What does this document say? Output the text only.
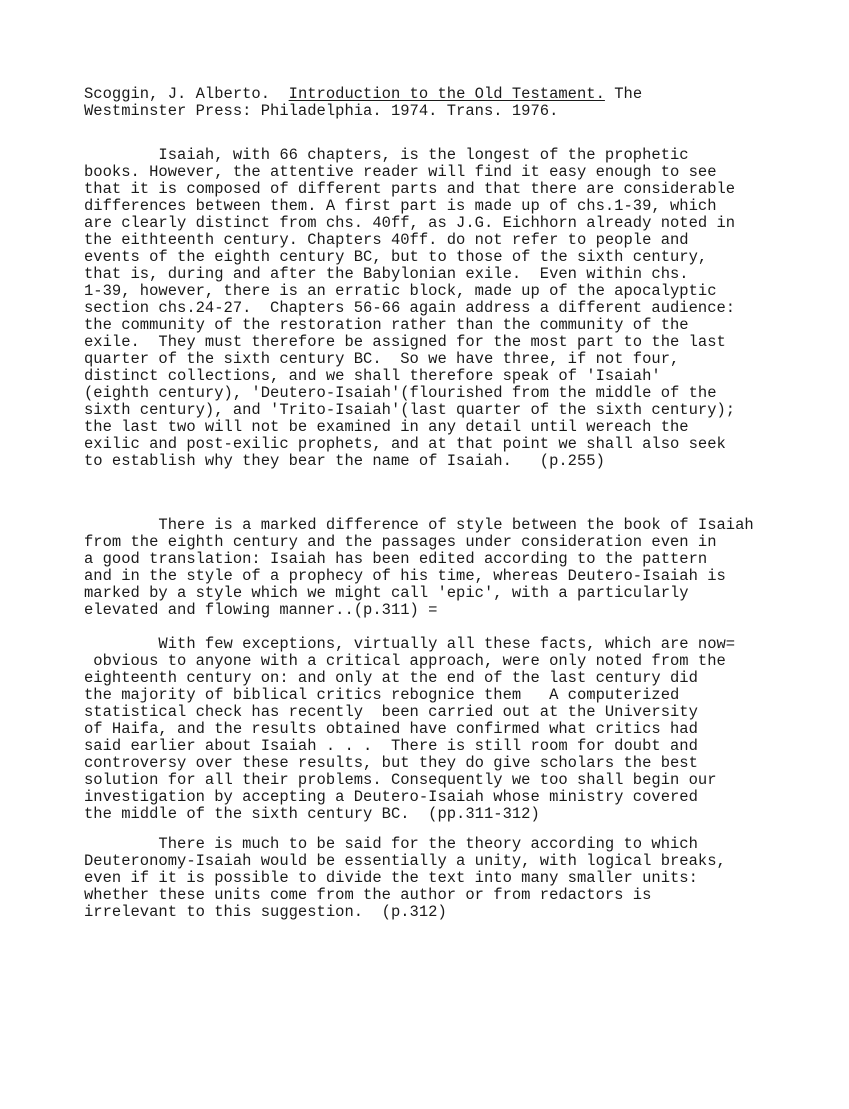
Scoggin, J. Alberto. Introduction to the Old Testament. The
Westminster Press: Philadelphia. 1974. Trans. 1976.
Isaiah, with 66 chapters, is the longest of the prophetic
books. However, the attentive reader will find it easy enough to see
that it is composed of different parts and that there are considerable
differences between them. A first part is made up of chs.1-39, which
are clearly distinct from chs. 40ff, as J.G. Eichhorn already noted in
the eithteenth century. Chapters 40ff. do not refer to people and
events of the eighth century BC, but to those of the sixth century,
that is, during and after the Babylonian exile.  Even within chs.
1-39, however, there is an erratic block, made up of the apocalyptic
section chs.24-27.  Chapters 56-66 again address a different audience:
the community of the restoration rather than the community of the
exile.  They must therefore be assigned for the most part to the last
quarter of the sixth century BC.  So we have three, if not four,
distinct collections, and we shall therefore speak of 'Isaiah'
(eighth century), 'Deutero-Isaiah'(flourished from the middle of the
sixth century), and 'Trito-Isaiah'(last quarter of the sixth century);
the last two will not be examined in any detail until wereach the
exilic and post-exilic prophets, and at that point we shall also seek
to establish why they bear the name of Isaiah.   (p.255)
There is a marked difference of style between the book of Isaiah
from the eighth century and the passages under consideration even in
a good translation: Isaiah has been edited according to the pattern
and in the style of a prophecy of his time, whereas Deutero-Isaiah is
marked by a style which we might call 'epic', with a particularly
elevated and flowing manner..(p.311) =
With few exceptions, virtually all these facts, which are now=
obvious to anyone with a critical approach, were only noted from the
eighteenth century on: and only at the end of the last century did
the majority of biblical critics rebognice them   A computerized
statistical check has recently  been carried out at the University
of Haifa, and the results obtained have confirmed what critics had
said earlier about Isaiah . . .  There is still room for doubt and
controversy over these results, but they do give scholars the best
solution for all their problems. Consequently we too shall begin our
investigation by accepting a Deutero-Isaiah whose ministry covered
the middle of the sixth century BC.  (pp.311-312)
There is much to be said for the theory according to which
Deuteronomy-Isaiah would be essentially a unity, with logical breaks,
even if it is possible to divide the text into many smaller units:
whether these units come from the author or from redactors is
irrelevant to this suggestion.  (p.312)
